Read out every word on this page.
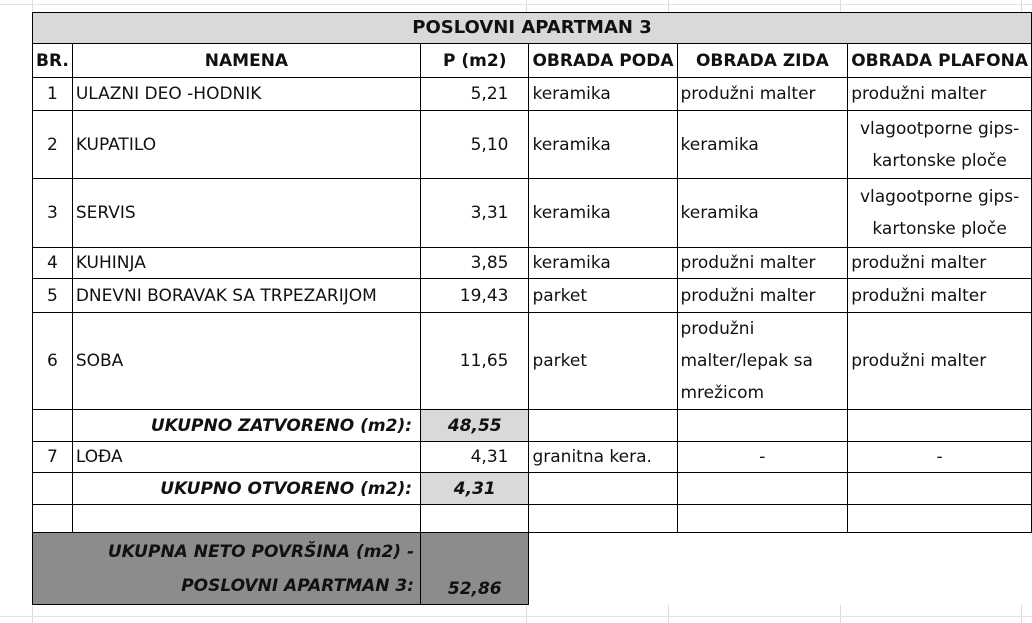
POSLOVNI APARTMAN 3					
BR.	NAMENA	P (m2)	OBRADA PODA	OBRADA ZIDA	OBRADA PLAFONA
1	ULAZNI DEO -HODNIK	5,21	keramika	produžni malter	produžni malter
2	KUPATILO	5,10	keramika	keramika	vlagootporne gips-kartonske ploče
3	SERVIS	3,31	keramika	keramika	vlagootporne gips-kartonske ploče
4	KUHINJA	3,85	keramika	produžni malter	produžni malter
5	DNEVNI BORAVAK SA TRPEZARIJOM	19,43	parket	produžni malter	produžni malter
6	SOBA	11,65	parket	produžni malter/lepak sa mrežicom	produžni malter
	UKUPNO ZATVORENO (m2):	48,55			
7	LOĐA	4,31	granitna kera.	-	-
	UKUPNO OTVORENO (m2):	4,31			

UKUPNA NETO POVRŠINA (m2) - POSLOVNI APARTMAN 3:		52,86			
